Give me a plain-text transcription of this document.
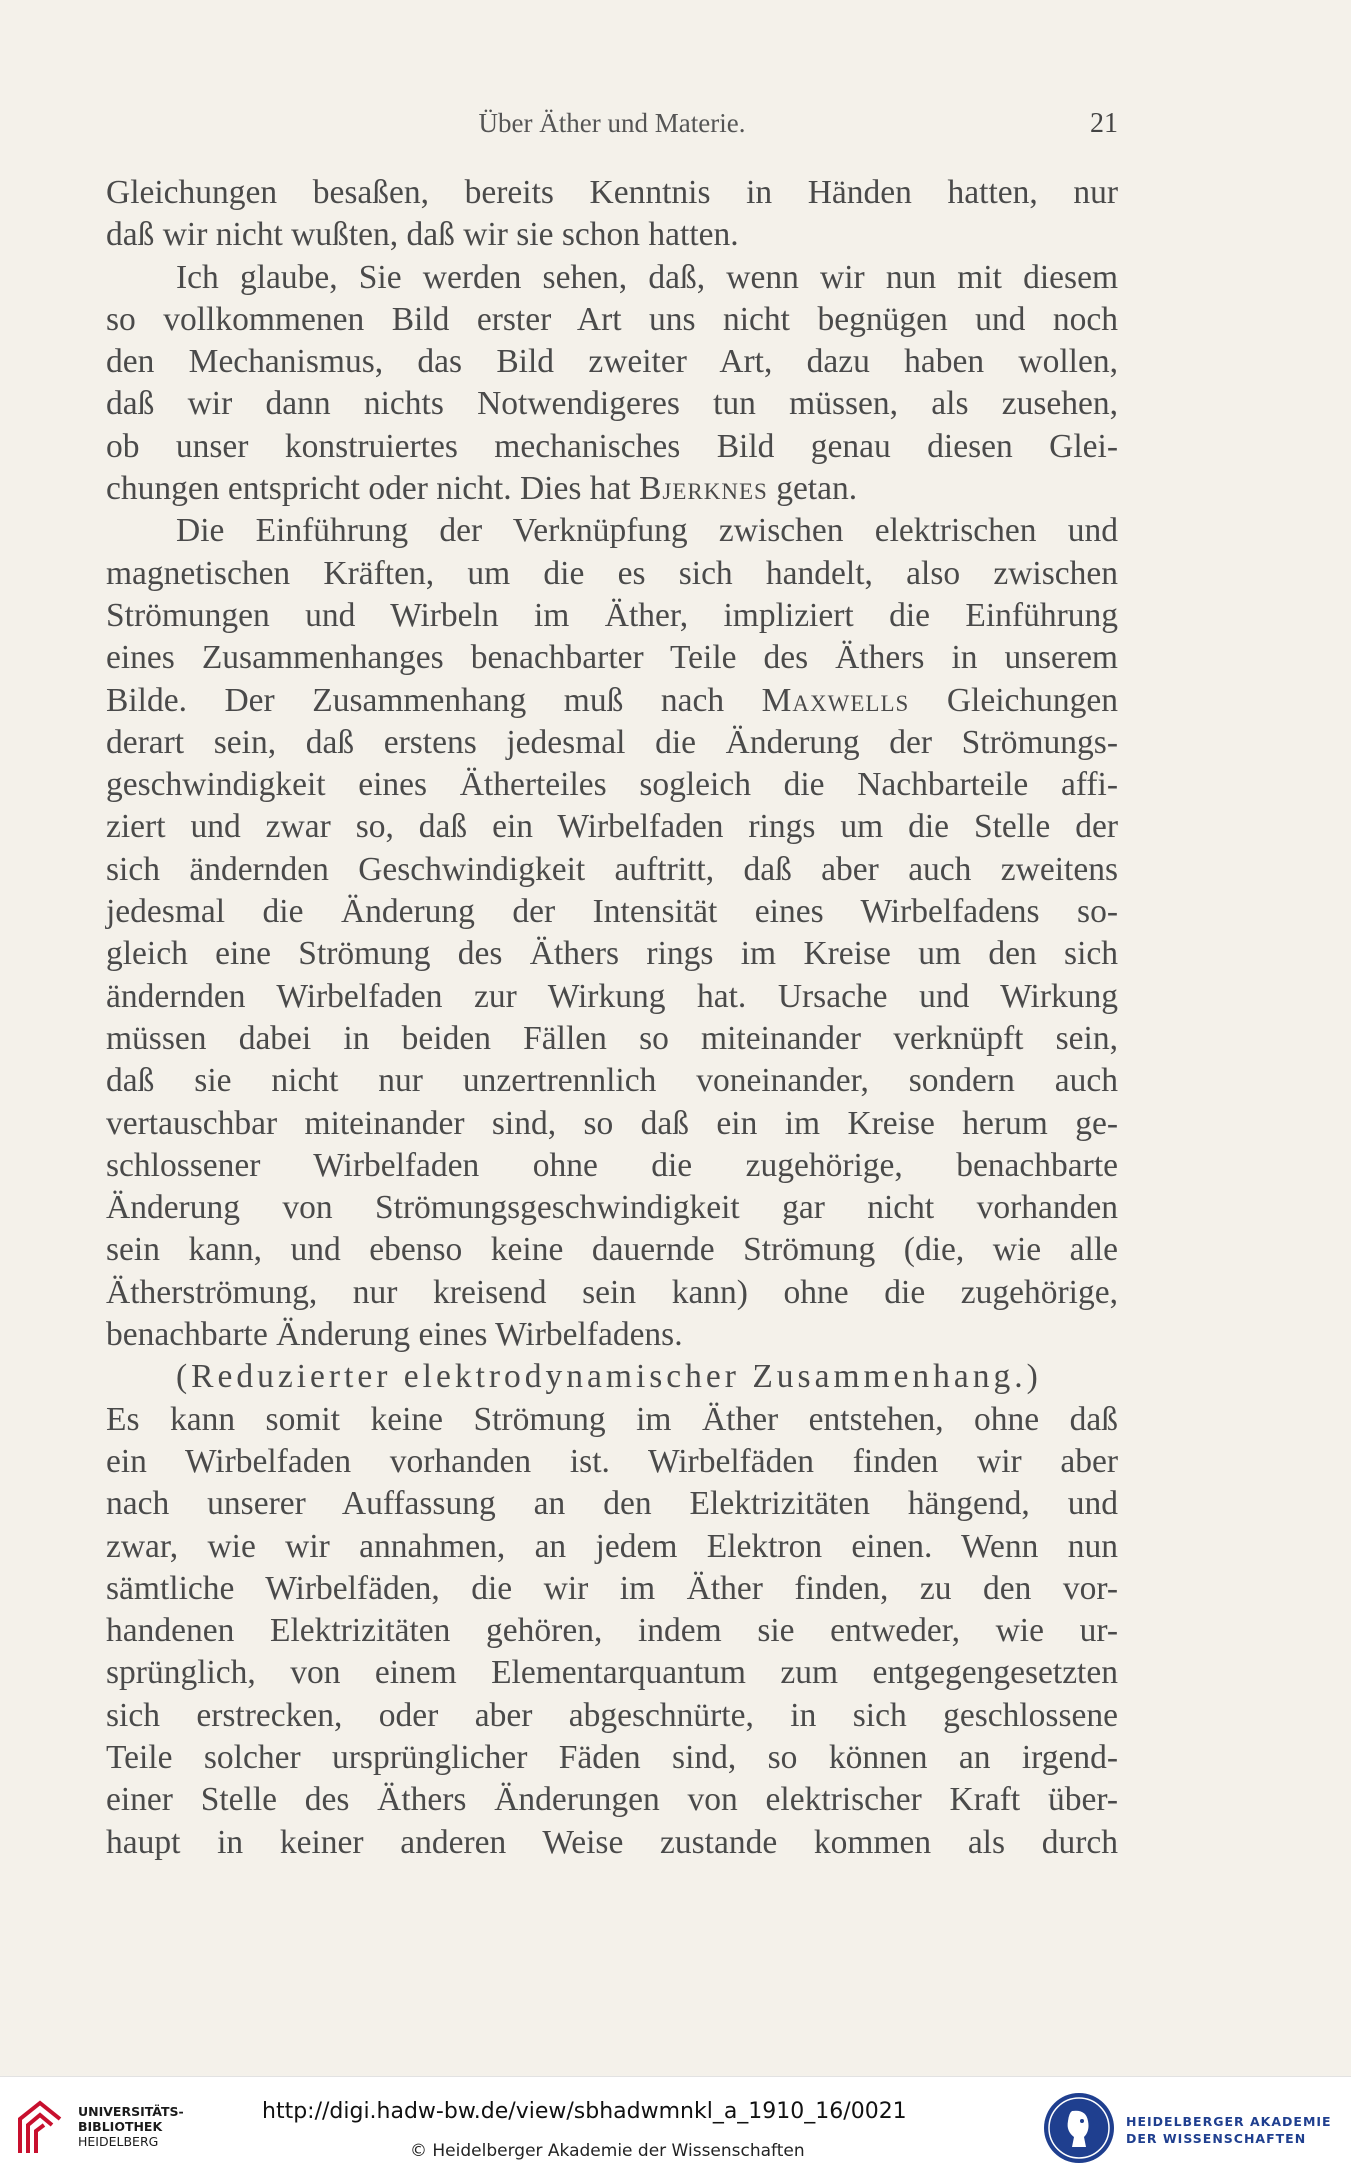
Über Äther und Materie.	21
Gleichungen besaßen, bereits Kenntnis in Händen hatten, nur
daß wir nicht wußten, daß wir sie schon hatten.
Ich glaube, Sie werden sehen, daß, wenn wir nun mit diesem
so vollkommenen Bild erster Art uns nicht begnügen und noch
den Mechanismus, das Bild zweiter Art, dazu haben wollen,
daß wir dann nichts Notwendigeres tun müssen, als zusehen,
ob unser konstruiertes mechanisches Bild genau diesen Glei-
chungen entspricht oder nicht. Dies hat Bjerknes getan.
Die Einführung der Verknüpfung zwischen elektrischen und
magnetischen Kräften, um die es sich handelt, also zwischen
Strömungen und Wirbeln im Äther, impliziert die Einführung
eines Zusammenhanges benachbarter Teile des Äthers in unserem
Bilde. Der Zusammenhang muß nach Maxwells Gleichungen
derart sein, daß erstens jedesmal die Änderung der Strömungs-
geschwindigkeit eines Ätherteiles sogleich die Nachbarteile affi-
ziert und zwar so, daß ein Wirbelfaden rings um die Stelle der
sich ändernden Geschwindigkeit auftritt, daß aber auch zweitens
jedesmal die Änderung der Intensität eines Wirbelfadens so-
gleich eine Strömung des Äthers rings im Kreise um den sich
ändernden Wirbelfaden zur Wirkung hat. Ursache und Wirkung
müssen dabei in beiden Fällen so miteinander verknüpft sein,
daß sie nicht nur unzertrennlich voneinander, sondern auch
vertauschbar miteinander sind, so daß ein im Kreise herum ge-
schlossener Wirbelfaden ohne die zugehörige, benachbarte
Änderung von Strömungsgeschwindigkeit gar nicht vorhanden
sein kann, und ebenso keine dauernde Strömung (die, wie alle
Ätherströmung, nur kreisend sein kann) ohne die zugehörige,
benachbarte Änderung eines Wirbelfadens.
(Reduzierter elektrodynamischer Zusammenhang.)
Es kann somit keine Strömung im Äther entstehen, ohne daß
ein Wirbelfaden vorhanden ist. Wirbelfäden finden wir aber
nach unserer Auffassung an den Elektrizitäten hängend, und
zwar, wie wir annahmen, an jedem Elektron einen. Wenn nun
sämtliche Wirbelfäden, die wir im Äther finden, zu den vor-
handenen Elektrizitäten gehören, indem sie entweder, wie ur-
sprünglich, von einem Elementarquantum zum entgegengesetzten
sich erstrecken, oder aber abgeschnürte, in sich geschlossene
Teile solcher ursprünglicher Fäden sind, so können an irgend-
einer Stelle des Äthers Änderungen von elektrischer Kraft über-
haupt in keiner anderen Weise zustande kommen als durch
UNIVERSITÄTS-
BIBLIOTHEK
HEIDELBERG
http://digi.hadw-bw.de/view/sbhadwmnkl_a_1910_16/0021
© Heidelberger Akademie der Wissenschaften
HEIDELBERGER AKADEMIE
DER WISSENSCHAFTEN
